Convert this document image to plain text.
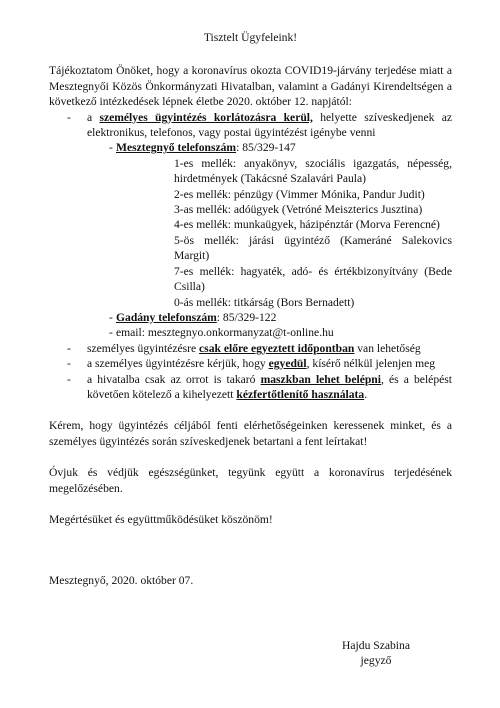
Tisztelt Ügyfeleink!

Tájékoztatom Önöket, hogy a koronavírus okozta COVID19-járvány terjedése miatt a Mesztegnyői Közös Önkormányzati Hivatalban, valamint a Gadányi Kirendeltségen a következő intézkedések lépnek életbe 2020. október 12. napjától:

- a személyes ügyintézés korlátozásra kerül, helyette szíveskedjenek az elektronikus, telefonos, vagy postai ügyintézést igénybe venni

- Mesztegnyő telefonszám: 85/329-147

1-es mellék: anyakönyv, szociális igazgatás, népesség, hirdetmények (Takácsné Szalavári Paula)

2-es mellék: pénzügy (Vimmer Mónika, Pandur Judit)

3-as mellék: adóügyek (Vetróné Meiszterics Jusztina)

4-es mellék: munkaügyek, házipénztár (Morva Ferencné)

5-ös mellék: járási ügyintéző (Kameráné Salekovics Margit)

7-es mellék: hagyaték, adó- és értékbizonyítvány (Bede Csilla)

0-ás mellék: titkárság (Bors Bernadett)

- Gadány telefonszám: 85/329-122

- email: mesztegnyo.onkormanyzat@t-online.hu

- személyes ügyintézésre csak előre egyeztett időpontban van lehetőség

- a személyes ügyintézésre kérjük, hogy egyedül, kísérő nélkül jelenjen meg

- a hivatalba csak az orrot is takaró maszkban lehet belépni, és a belépést követően kötelező a kihelyezett kézfertőtlenítő használata.

Kérem, hogy ügyintézés céljából fenti elérhetőségeinken keressenek minket, és a személyes ügyintézés során szíveskedjenek betartani a fent leírtakat!

Óvjuk és védjük egészségünket, tegyünk együtt a koronavírus terjedésének megelőzésében.

Megértésüket és együttműködésüket köszönöm!

Mesztegnyő, 2020. október 07.

Hajdu Szabina
jegyző
